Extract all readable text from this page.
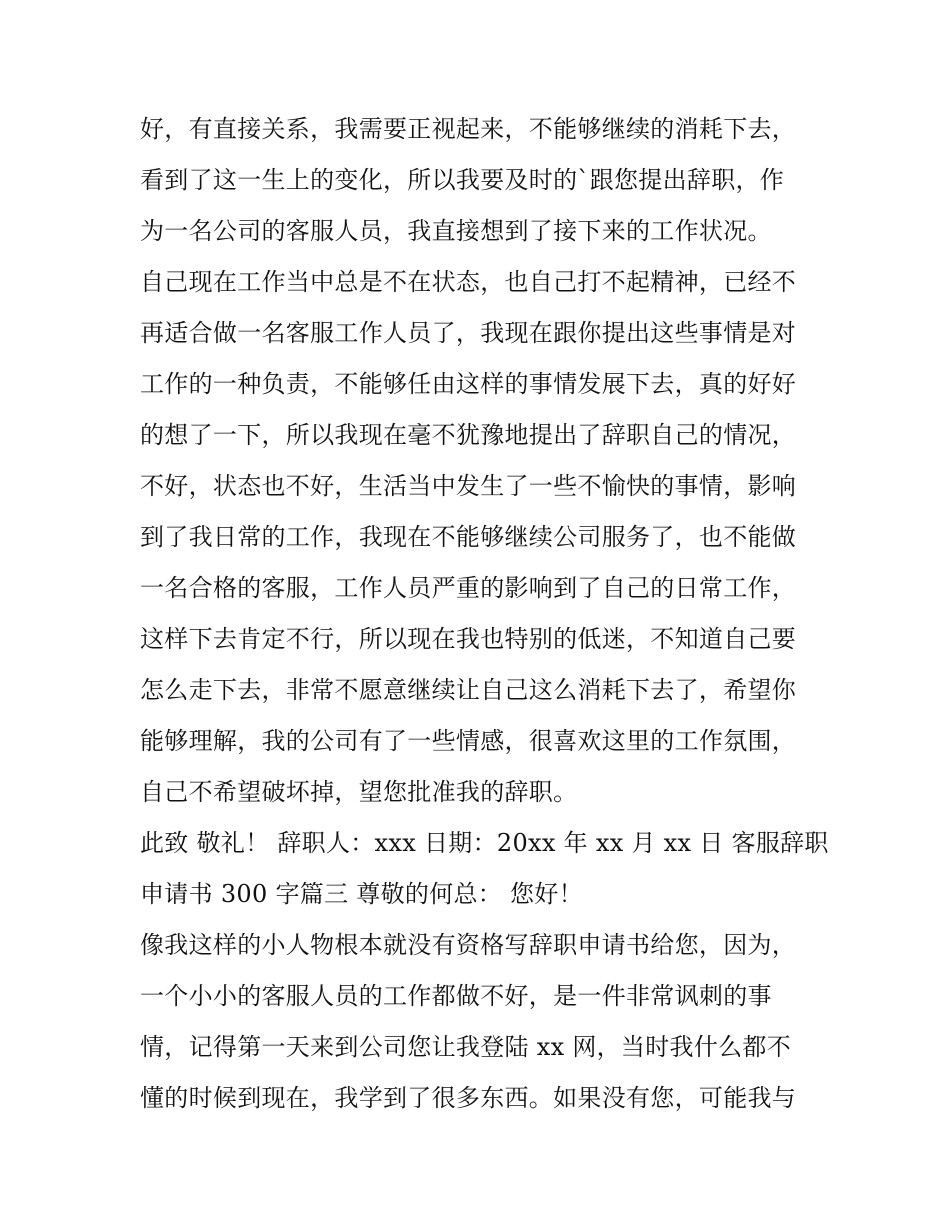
好，有直接关系，我需要正视起来，不能够继续的消耗下去，
看到了这一生上的变化，所以我要及时的`跟您提出辞职，作
为一名公司的客服人员，我直接想到了接下来的工作状况。
自己现在工作当中总是不在状态，也自己打不起精神，已经不
再适合做一名客服工作人员了，我现在跟你提出这些事情是对
工作的一种负责，不能够任由这样的事情发展下去，真的好好
的想了一下，所以我现在毫不犹豫地提出了辞职自己的情况，
不好，状态也不好，生活当中发生了一些不愉快的事情，影响
到了我日常的工作，我现在不能够继续公司服务了，也不能做
一名合格的客服，工作人员严重的影响到了自己的日常工作，
这样下去肯定不行，所以现在我也特别的低迷，不知道自己要
怎么走下去，非常不愿意继续让自己这么消耗下去了，希望你
能够理解，我的公司有了一些情感，很喜欢这里的工作氛围，
自己不希望破坏掉，望您批准我的辞职。
此致 敬礼！ 辞职人：xxx 日期：20xx 年 xx 月 xx 日 客服辞职
申请书 300 字篇三 尊敬的何总： 您好！
像我这样的小人物根本就没有资格写辞职申请书给您，因为，
一个小小的客服人员的工作都做不好，是一件非常讽刺的事
情，记得第一天来到公司您让我登陆 xx 网，当时我什么都不
懂的时候到现在，我学到了很多东西。如果没有您，可能我与
